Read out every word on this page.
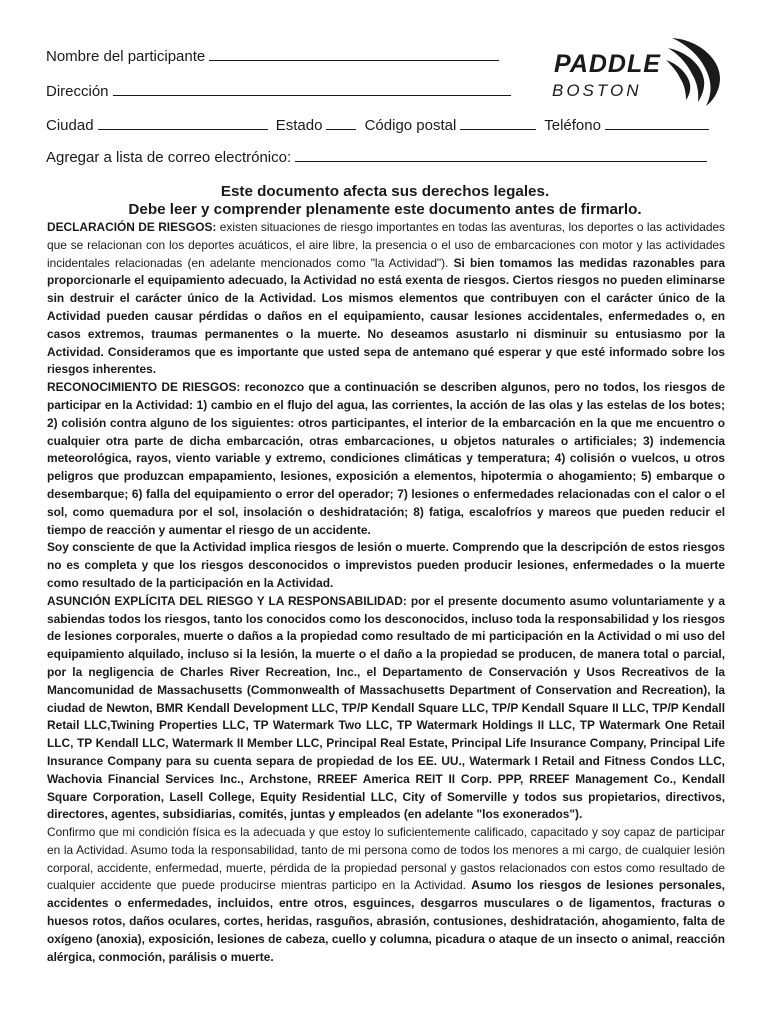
Nombre del participante
Dirección
Ciudad	Estado	Código postal	Teléfono
Agregar a lista de correo electrónico:
PADDLE
BOSTON
Este documento afecta sus derechos legales.
Debe leer y comprender plenamente este documento antes de firmarlo.

DECLARACIÓN DE RIESGOS: existen situaciones de riesgo importantes en todas las aventuras, los deportes o las actividades que se relacionan con los deportes acuáticos, el aire libre, la presencia o el uso de embarcaciones con motor y las actividades incidentales relacionadas (en adelante mencionados como "la Actividad"). Si bien tomamos las medidas razonables para proporcionarle el equipamiento adecuado, la Actividad no está exenta de riesgos. Ciertos riesgos no pueden eliminarse sin destruir el carácter único de la Actividad. Los mismos elementos que contribuyen con el carácter único de la Actividad pueden causar pérdidas o daños en el equipamiento, causar lesiones accidentales, enfermedades o, en casos extremos, traumas permanentes o la muerte. No deseamos asustarlo ni disminuir su entusiasmo por la Actividad. Consideramos que es importante que usted sepa de antemano qué esperar y que esté informado sobre los riesgos inherentes.

RECONOCIMIENTO DE RIESGOS: reconozco que a continuación se describen algunos, pero no todos, los riesgos de participar en la Actividad: 1) cambio en el flujo del agua, las corrientes, la acción de las olas y las estelas de los botes; 2) colisión contra alguno de los siguientes: otros participantes, el interior de la embarcación en la que me encuentro o cualquier otra parte de dicha embarcación, otras embarcaciones, u objetos naturales o artificiales; 3) indemencia meteorológica, rayos, viento variable y extremo, condiciones climáticas y temperatura; 4) colisión o vuelcos, u otros peligros que produzcan empapamiento, lesiones, exposición a elementos, hipotermia o ahogamiento; 5) embarque o desembarque; 6) falla del equipamiento o error del operador; 7) lesiones o enfermedades relacionadas con el calor o el sol, como quemadura por el sol, insolación o deshidratación; 8) fatiga, escalofríos y mareos que pueden reducir el tiempo de reacción y aumentar el riesgo de un accidente.

Soy consciente de que la Actividad implica riesgos de lesión o muerte. Comprendo que la descripción de estos riesgos no es completa y que los riesgos desconocidos o imprevistos pueden producir lesiones, enfermedades o la muerte como resultado de la participación en la Actividad.

ASUNCIÓN EXPLÍCITA DEL RIESGO Y LA RESPONSABILIDAD: por el presente documento asumo voluntariamente y a sabiendas todos los riesgos, tanto los conocidos como los desconocidos, incluso toda la responsabilidad y los riesgos de lesiones corporales, muerte o daños a la propiedad como resultado de mi participación en la Actividad o mi uso del equipamiento alquilado, incluso si la lesión, la muerte o el daño a la propiedad se producen, de manera total o parcial, por la negligencia de Charles River Recreation, Inc., el Departamento de Conservación y Usos Recreativos de la Mancomunidad de Massachusetts (Commonwealth of Massachusetts Department of Conservation and Recreation), la ciudad de Newton, BMR Kendall Development LLC, TP/P Kendall Square LLC, TP/P Kendall Square II LLC, TP/P Kendall Retail LLC,Twining Properties LLC, TP Watermark Two LLC, TP Watermark Holdings II LLC, TP Watermark One Retail LLC, TP Kendall LLC, Watermark II Member LLC, Principal Real Estate, Principal Life Insurance Company, Principal Life Insurance Company para su cuenta separa de propiedad de los EE. UU., Watermark I Retail and Fitness Condos LLC, Wachovia Financial Services Inc., Archstone, RREEF America REIT II Corp. PPP, RREEF Management Co., Kendall Square Corporation, Lasell College, Equity Residential LLC, City of Somerville y todos sus propietarios, directivos, directores, agentes, subsidiarias, comités, juntas y empleados (en adelante "los exonerados").

Confirmo que mi condición física es la adecuada y que estoy lo suficientemente calificado, capacitado y soy capaz de participar en la Actividad. Asumo toda la responsabilidad, tanto de mi persona como de todos los menores a mi cargo, de cualquier lesión corporal, accidente, enfermedad, muerte, pérdida de la propiedad personal y gastos relacionados con estos como resultado de cualquier accidente que puede producirse mientras participo en la Actividad. Asumo los riesgos de lesiones personales, accidentes o enfermedades, incluidos, entre otros, esguinces, desgarros musculares o de ligamentos, fracturas o huesos rotos, daños oculares, cortes, heridas, rasguños, abrasión, contusiones, deshidratación, ahogamiento, falta de oxígeno (anoxia), exposición, lesiones de cabeza, cuello y columna, picadura o ataque de un insecto o animal, reacción alérgica, conmoción, parálisis o muerte.
